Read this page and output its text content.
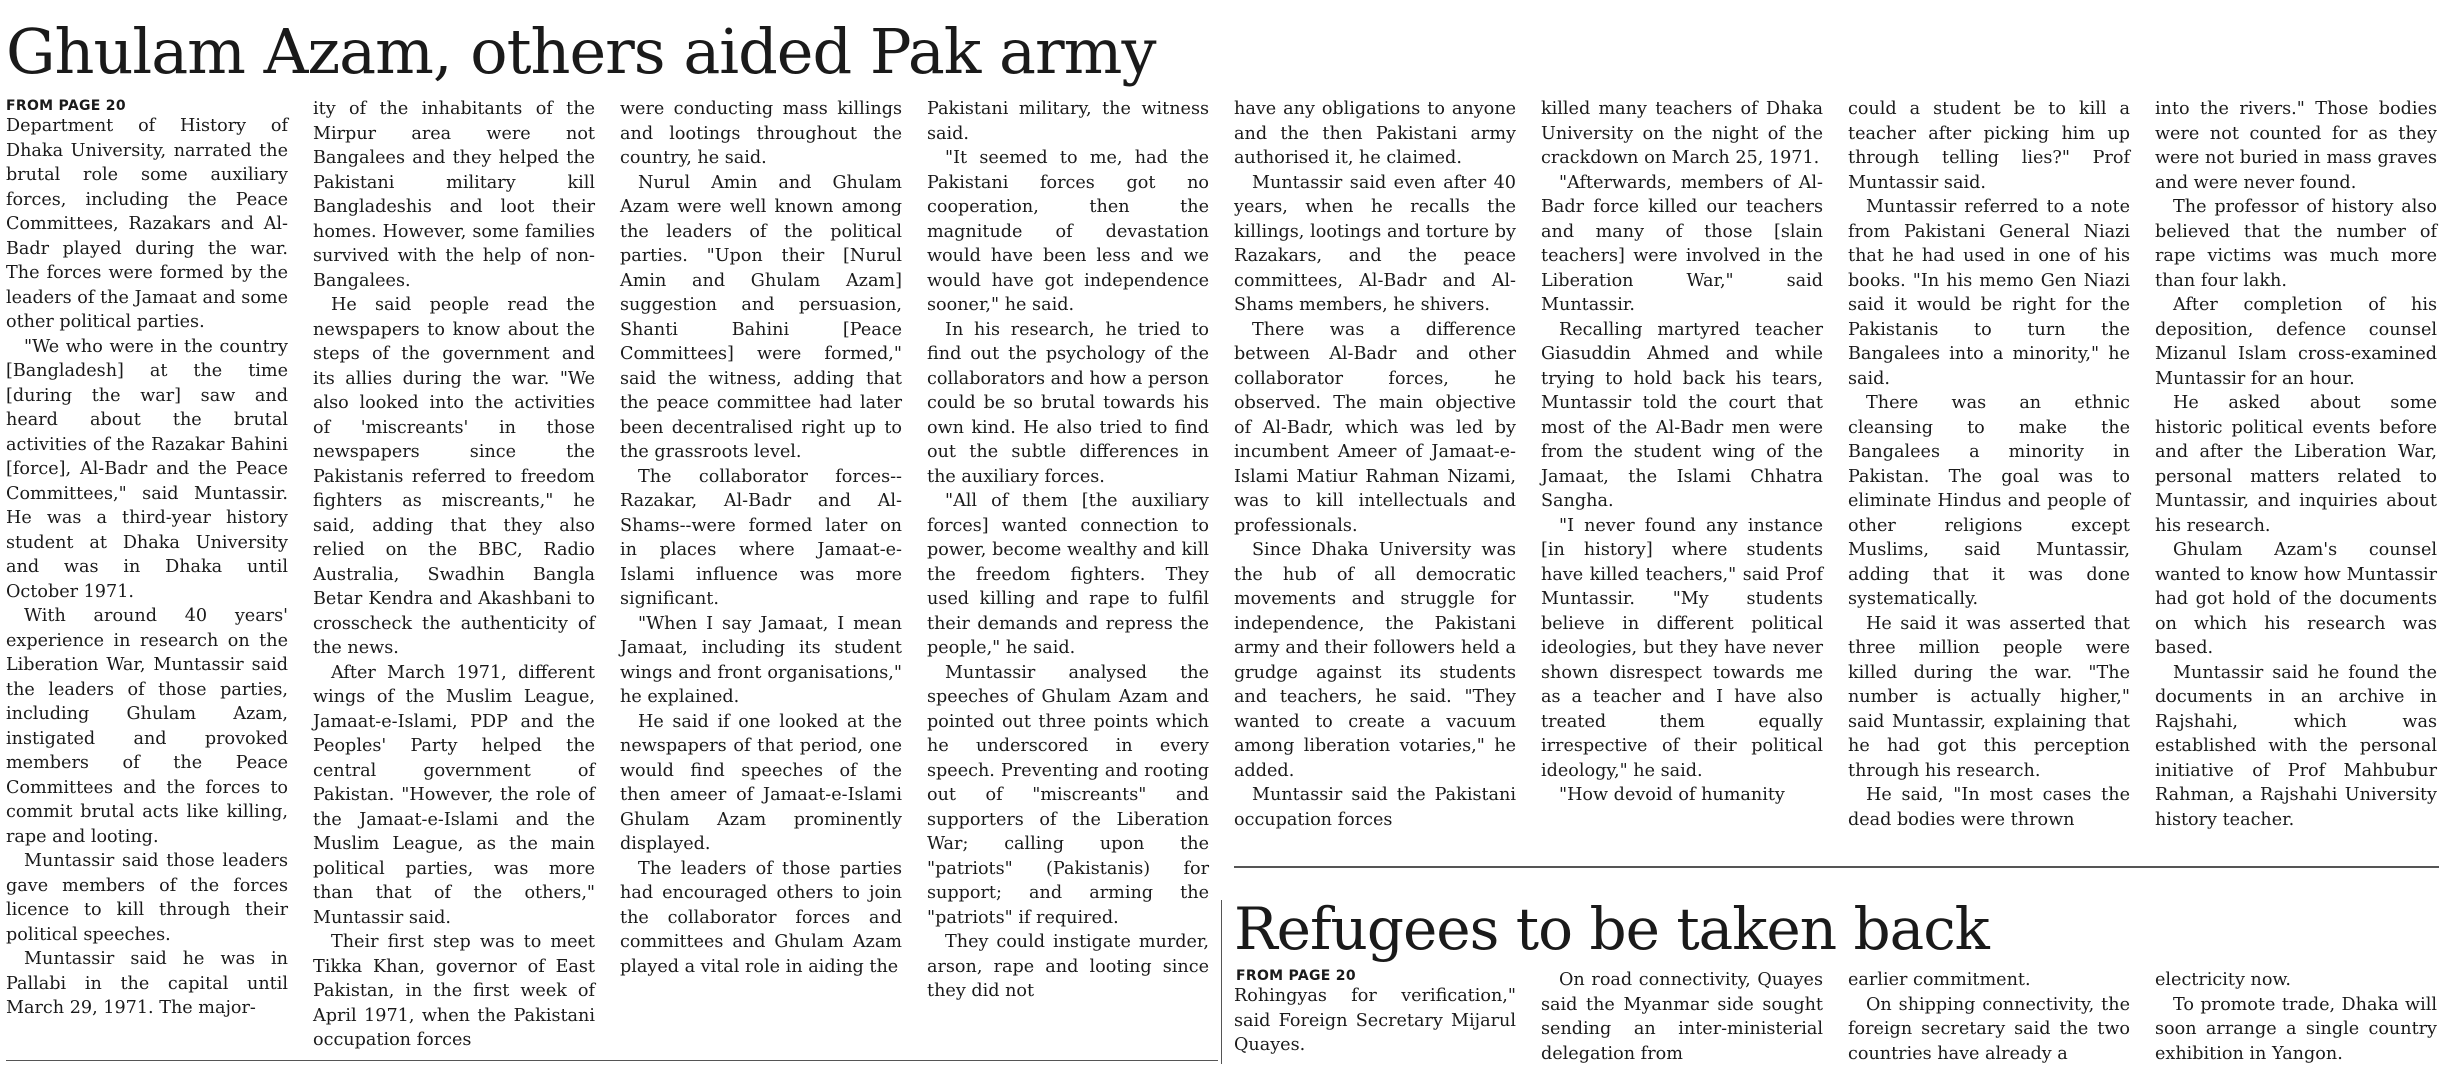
Ghulam Azam, others aided Pak army
FROM PAGE 20

Department of History of Dhaka University, narrated the brutal role some auxiliary forces, including the Peace Committees, Razakars and Al-Badr played during the war. The forces were formed by the leaders of the Jamaat and some other political parties.

"We who were in the country [Bangladesh] at the time [during the war] saw and heard about the brutal activities of the Razakar Bahini [force], Al-Badr and the Peace Committees," said Muntassir. He was a third-year history student at Dhaka University and was in Dhaka until October 1971.

With around 40 years' experience in research on the Liberation War, Muntassir said the leaders of those parties, including Ghulam Azam, instigated and provoked members of the Peace Committees and the forces to commit brutal acts like killing, rape and looting.

Muntassir said those leaders gave members of the forces licence to kill through their political speeches.

Muntassir said he was in Pallabi in the capital until March 29, 1971. The major-

ity of the inhabitants of the Mirpur area were not Bangalees and they helped the Pakistani military kill Bangladeshis and loot their homes. However, some families survived with the help of non-Bangalees.

He said people read the newspapers to know about the steps of the government and its allies during the war. "We also looked into the activities of 'miscreants' in those newspapers since the Pakistanis referred to freedom fighters as miscreants," he said, adding that they also relied on the BBC, Radio Australia, Swadhin Bangla Betar Kendra and Akashbani to crosscheck the authenticity of the news.

After March 1971, different wings of the Muslim League, Jamaat-e-Islami, PDP and the Peoples' Party helped the central government of Pakistan. "However, the role of the Jamaat-e-Islami and the Muslim League, as the main political parties, was more than that of the others," Muntassir said.

Their first step was to meet Tikka Khan, governor of East Pakistan, in the first week of April 1971, when the Pakistani occupation forces

were conducting mass killings and lootings throughout the country, he said.

Nurul Amin and Ghulam Azam were well known among the leaders of the political parties. "Upon their [Nurul Amin and Ghulam Azam] suggestion and persuasion, Shanti Bahini [Peace Committees] were formed," said the witness, adding that the peace committee had later been decentralised right up to the grassroots level.

The collaborator forces--Razakar, Al-Badr and Al-Shams--were formed later on in places where Jamaat-e-Islami influence was more significant.

"When I say Jamaat, I mean Jamaat, including its student wings and front organisations," he explained.

He said if one looked at the newspapers of that period, one would find speeches of the then ameer of Jamaat-e-Islami Ghulam Azam prominently displayed.

The leaders of those parties had encouraged others to join the collaborator forces and committees and Ghulam Azam played a vital role in aiding the

Pakistani military, the witness said.

"It seemed to me, had the Pakistani forces got no cooperation, then the magnitude of devastation would have been less and we would have got independence sooner," he said.

In his research, he tried to find out the psychology of the collaborators and how a person could be so brutal towards his own kind. He also tried to find out the subtle differences in the auxiliary forces.

"All of them [the auxiliary forces] wanted connection to power, become wealthy and kill the freedom fighters. They used killing and rape to fulfil their demands and repress the people," he said.

Muntassir analysed the speeches of Ghulam Azam and pointed out three points which he underscored in every speech. Preventing and rooting out of "miscreants" and supporters of the Liberation War; calling upon the "patriots" (Pakistanis) for support; and arming the "patriots" if required.

They could instigate murder, arson, rape and looting since they did not

have any obligations to anyone and the then Pakistani army authorised it, he claimed.

Muntassir said even after 40 years, when he recalls the killings, lootings and torture by Razakars, and the peace committees, Al-Badr and Al-Shams members, he shivers.

There was a difference between Al-Badr and other collaborator forces, he observed. The main objective of Al-Badr, which was led by incumbent Ameer of Jamaat-e-Islami Matiur Rahman Nizami, was to kill intellectuals and professionals.

Since Dhaka University was the hub of all democratic movements and struggle for independence, the Pakistani army and their followers held a grudge against its students and teachers, he said. "They wanted to create a vacuum among liberation votaries," he added.

Muntassir said the Pakistani occupation forces

killed many teachers of Dhaka University on the night of the crackdown on March 25, 1971.

"Afterwards, members of Al-Badr force killed our teachers and many of those [slain teachers] were involved in the Liberation War," said Muntassir.

Recalling martyred teacher Giasuddin Ahmed and while trying to hold back his tears, Muntassir told the court that most of the Al-Badr men were from the student wing of the Jamaat, the Islami Chhatra Sangha.

"I never found any instance [in history] where students have killed teachers," said Prof Muntassir. "My students believe in different political ideologies, but they have never shown disrespect towards me as a teacher and I have also treated them equally irrespective of their political ideology," he said.

"How devoid of humanity

could a student be to kill a teacher after picking him up through telling lies?" Prof Muntassir said.

Muntassir referred to a note from Pakistani General Niazi that he had used in one of his books. "In his memo Gen Niazi said it would be right for the Pakistanis to turn the Bangalees into a minority," he said.

There was an ethnic cleansing to make the Bangalees a minority in Pakistan. The goal was to eliminate Hindus and people of other religions except Muslims, said Muntassir, adding that it was done systematically.

He said it was asserted that three million people were killed during the war. "The number is actually higher," said Muntassir, explaining that he had got this perception through his research.

He said, "In most cases the dead bodies were thrown

into the rivers." Those bodies were not counted for as they were not buried in mass graves and were never found.

The professor of history also believed that the number of rape victims was much more than four lakh.

After completion of his deposition, defence counsel Mizanul Islam cross-examined Muntassir for an hour.

He asked about some historic political events before and after the Liberation War, personal matters related to Muntassir, and inquiries about his research.

Ghulam Azam's counsel wanted to know how Muntassir had got hold of the documents on which his research was based.

Muntassir said he found the documents in an archive in Rajshahi, which was established with the personal initiative of Prof Mahbubur Rahman, a Rajshahi University history teacher.

Refugees to be taken back
FROM PAGE 20

Rohingyas for verification," said Foreign Secretary Mijarul Quayes.

On road connectivity, Quayes said the Myanmar side sought sending an inter-ministerial delegation from

earlier commitment.

On shipping connectivity, the foreign secretary said the two countries have already a

electricity now.

To promote trade, Dhaka will soon arrange a single country exhibition in Yangon.
